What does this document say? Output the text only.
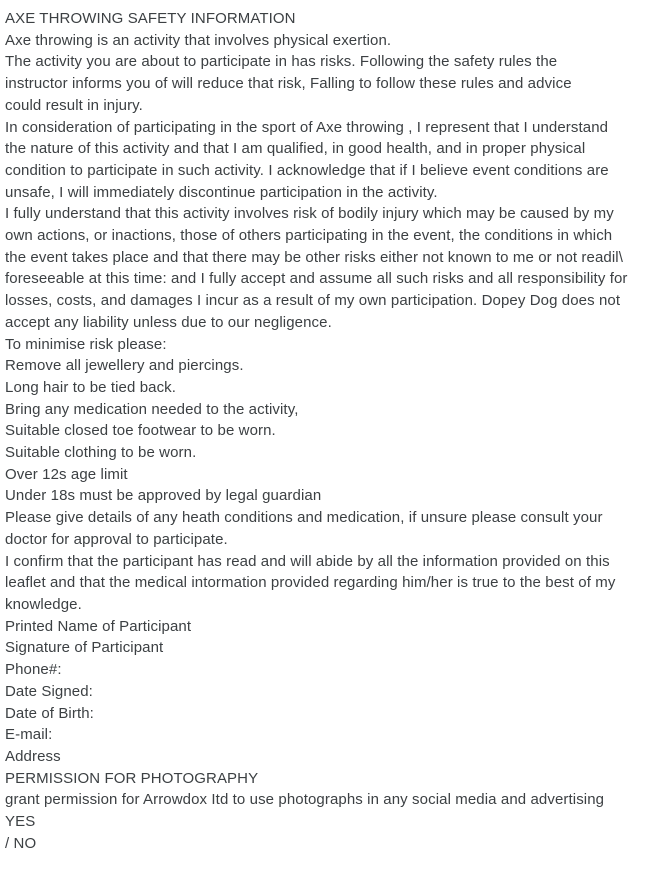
AXE THROWING SAFETY INFORMATION
Axe throwing is an activity that involves physical exertion.
The activity you are about to participate in has risks. Following the safety rules the
instructor informs you of will reduce that risk, Falling to follow these rules and advice
could result in injury.
In consideration of participating in the sport of Axe throwing , I represent that I understand
the nature of this activity and that I am qualified, in good health, and in proper physical
condition to participate in such activity. I acknowledge that if I believe event conditions are
unsafe, I will immediately discontinue participation in the activity.
I fully understand that this activity involves risk of bodily injury which may be caused by my
own actions, or inactions, those of others participating in the event, the conditions in which
the event takes place and that there may be other risks either not known to me or not readil\
foreseeable at this time: and I fully accept and assume all such risks and all responsibility for
losses, costs, and damages I incur as a result of my own participation. Dopey Dog does not
accept any liability unless due to our negligence.
To minimise risk please:
Remove all jewellery and piercings.
Long hair to be tied back.
Bring any medication needed to the activity,
Suitable closed toe footwear to be worn.
Suitable clothing to be worn.
Over 12s age limit
Under 18s must be approved by legal guardian
Please give details of any heath conditions and medication, if unsure please consult your
doctor for approval to participate.
I confirm that the participant has read and will abide by all the information provided on this
leaflet and that the medical intormation provided regarding him/her is true to the best of my
knowledge.
Printed Name of Participant
Signature of Participant
Phone#:
Date Signed:
Date of Birth:
E-mail:
Address
PERMISSION FOR PHOTOGRAPHY
grant permission for Arrowdox Itd to use photographs in any social media and advertising
YES
/ NO
